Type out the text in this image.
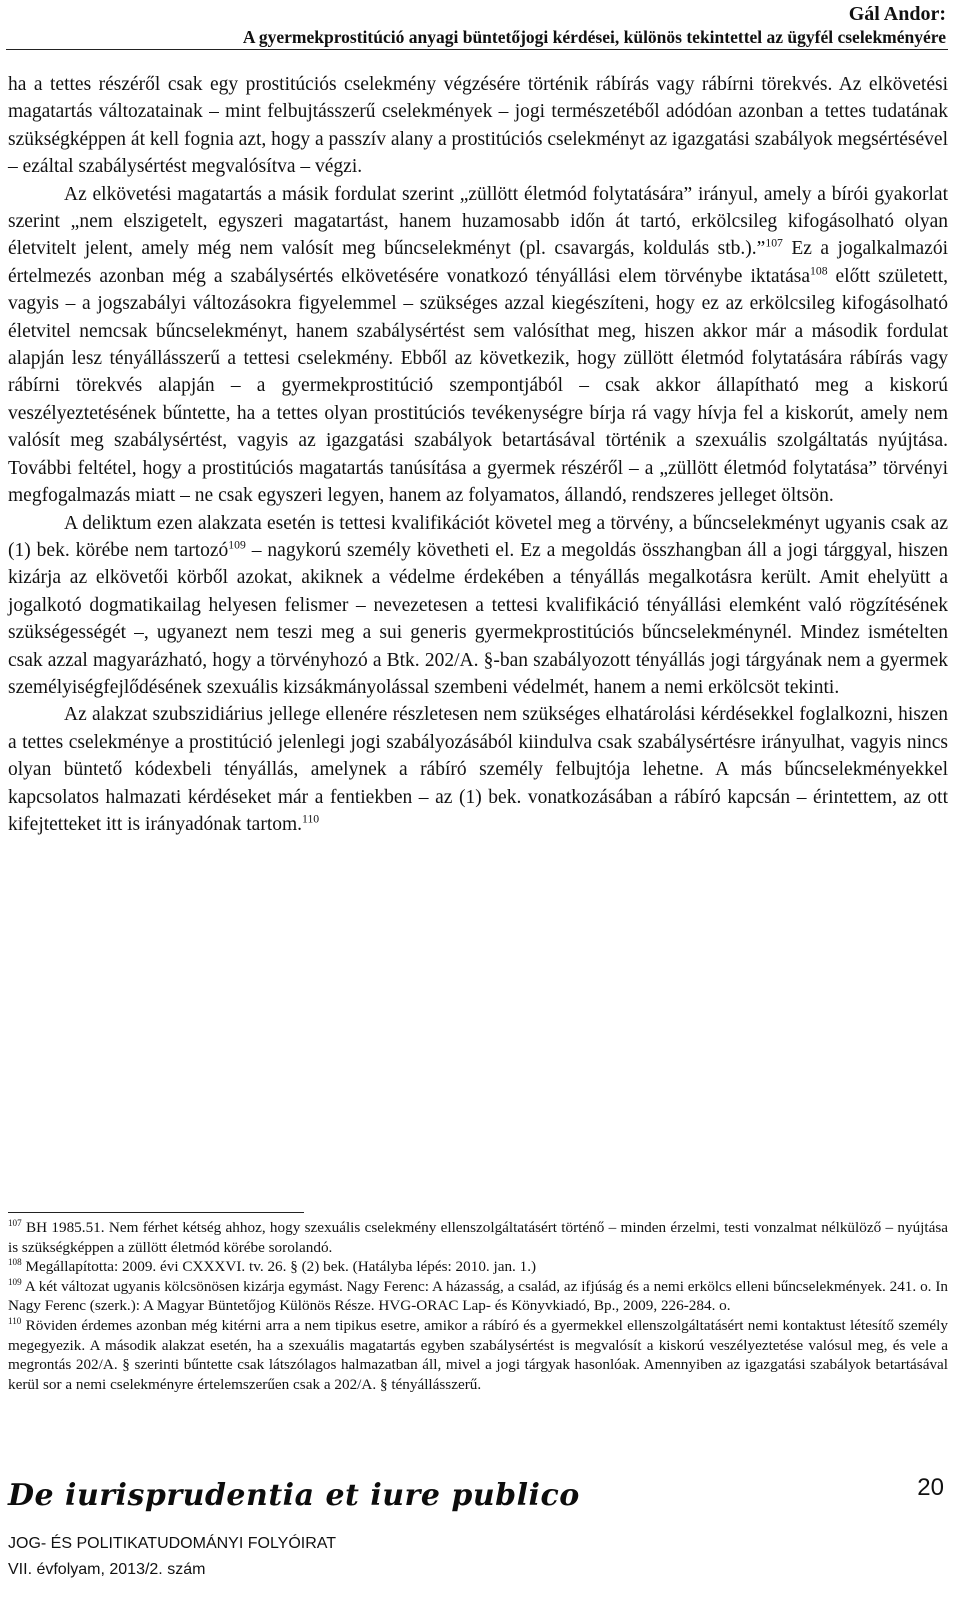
Gál Andor:
A gyermekprostitúció anyagi büntetőjogi kérdései, különös tekintettel az ügyfél cselekményére

ha a tettes részéről csak egy prostitúciós cselekmény végzésére történik rábírás vagy rábírni törekvés. Az elkövetési magatartás változatainak – mint felbujtásszerű cselekmények – jogi természetéből adódóan azonban a tettes tudatának szükségképpen át kell fognia azt, hogy a passzív alany a prostitúciós cselekményt az igazgatási szabályok megsértésével – ezáltal szabálysértést megvalósítva – végzi.

Az elkövetési magatartás a másik fordulat szerint „züllött életmód folytatására” irányul, amely a bírói gyakorlat szerint „nem elszigetelt, egyszeri magatartást, hanem huzamosabb időn át tartó, erkölcsileg kifogásolható olyan életvitelt jelent, amely még nem valósít meg bűncselekményt (pl. csavargás, koldulás stb.).”$^{107}$ Ez a jogalkalmazói értelmezés azonban még a szabálysértés elkövetésére vonatkozó tényállási elem törvénybe iktatása$^{108}$ előtt született, vagyis – a jogszabályi változásokra figyelemmel – szükséges azzal kiegészíteni, hogy ez az erkölcsileg kifogásolható életvitel nemcsak bűncselekményt, hanem szabálysértést sem valósíthat meg, hiszen akkor már a második fordulat alapján lesz tényállásszerű a tettesi cselekmény. Ebből az következik, hogy züllött életmód folytatására rábírás vagy rábírni törekvés alapján – a gyermekprostitúció szempontjából – csak akkor állapítható meg a kiskorú veszélyeztetésének bűntette, ha a tettes olyan prostitúciós tevékenységre bírja rá vagy hívja fel a kiskorút, amely nem valósít meg szabálysértést, vagyis az igazgatási szabályok betartásával történik a szexuális szolgáltatás nyújtása. További feltétel, hogy a prostitúciós magatartás tanúsítása a gyermek részéről – a „züllött életmód folytatása” törvényi megfogalmazás miatt – ne csak egyszeri legyen, hanem az folyamatos, állandó, rendszeres jelleget öltsön.

A deliktum ezen alakzata esetén is tettesi kvalifikációt követel meg a törvény, a bűncselekményt ugyanis csak az (1) bek. körébe nem tartozó$^{109}$ – nagykorú személy követheti el. Ez a megoldás összhangban áll a jogi tárggyal, hiszen kizárja az elkövetői körből azokat, akiknek a védelme érdekében a tényállás megalkotásra került. Amit ehelyütt a jogalkotó dogmatikailag helyesen felismer – nevezetesen a tettesi kvalifikáció tényállási elemként való rögzítésének szükségességét –, ugyanezt nem teszi meg a sui generis gyermekprostitúciós bűncselekménynél. Mindez ismételten csak azzal magyarázható, hogy a törvényhozó a Btk. 202/A. §-ban szabályozott tényállás jogi tárgyának nem a gyermek személyiségfejlődésének szexuális kizsákmányolással szembeni védelmét, hanem a nemi erkölcsöt tekinti.

Az alakzat szubszidiárius jellege ellenére részletesen nem szükséges elhatárolási kérdésekkel foglalkozni, hiszen a tettes cselekménye a prostitúció jelenlegi jogi szabályozásából kiindulva csak szabálysértésre irányulhat, vagyis nincs olyan büntető kódexbeli tényállás, amelynek a rábíró személy felbujtója lehetne. A más bűncselekményekkel kapcsolatos halmazati kérdéseket már a fentiekben – az (1) bek. vonatkozásában a rábíró kapcsán – érintettem, az ott kifejtetteket itt is irányadónak tartom.$^{110}$

$^{107}$ BH 1985.51. Nem férhet kétség ahhoz, hogy szexuális cselekmény ellenszolgáltatásért történő – minden érzelmi, testi vonzalmat nélkülöző – nyújtása is szükségképpen a züllött életmód körébe sorolandó.

$^{108}$ Megállapította: 2009. évi CXXXVI. tv. 26. § (2) bek. (Hatályba lépés: 2010. jan. 1.)

$^{109}$ A két változat ugyanis kölcsönösen kizárja egymást. Nagy Ferenc: A házasság, a család, az ifjúság és a nemi erkölcs elleni bűncselekmények. 241. o. In Nagy Ferenc (szerk.): A Magyar Büntetőjog Különös Része. HVG-ORAC Lap- és Könyvkiadó, Bp., 2009, 226-284. o.

$^{110}$ Röviden érdemes azonban még kitérni arra a nem tipikus esetre, amikor a rábíró és a gyermekkel ellenszolgáltatásért nemi kontaktust létesítő személy megegyezik. A második alakzat esetén, ha a szexuális magatartás egyben szabálysértést is megvalósít a kiskorú veszélyeztetése valósul meg, és vele a megrontás 202/A. § szerinti bűntette csak látszólagos halmazatban áll, mivel a jogi tárgyak hasonlóak. Amennyiben az igazgatási szabályok betartásával kerül sor a nemi cselekményre értelemszerűen csak a 202/A. § tényállásszerű.

De iurisprudentia et iure publico	20
JOG- ÉS POLITIKATUDOMÁNYI FOLYÓIRAT
VII. évfolyam, 2013/2. szám
